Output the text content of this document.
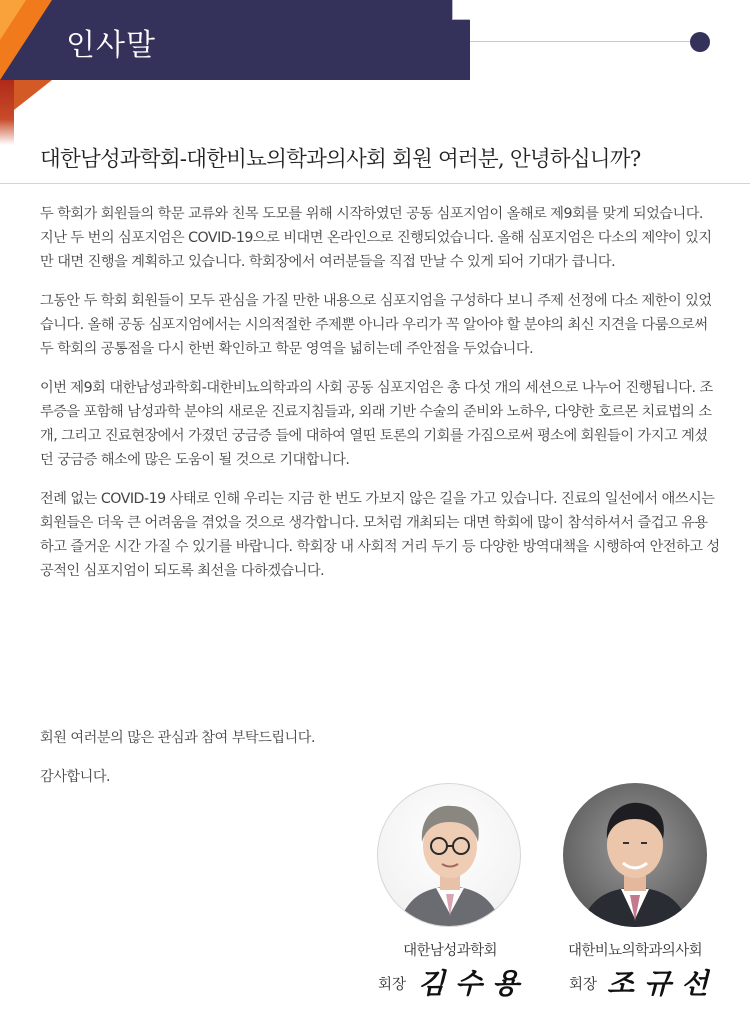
인사말
대한남성과학회-대한비뇨의학과의사회 회원 여러분, 안녕하십니까?

두 학회가 회원들의 학문 교류와 친목 도모를 위해 시작하였던 공동 심포지엄이 올해로 제9회를 맞게 되었습니다. 지난 두 번의 심포지엄은 COVID-19으로 비대면 온라인으로 진행되었습니다. 올해 심포지엄은 다소의 제약이 있지만 대면 진행을 계획하고 있습니다. 학회장에서 여러분들을 직접 만날 수 있게 되어 기대가 큽니다.

그동안 두 학회 회원들이 모두 관심을 가질 만한 내용으로 심포지엄을 구성하다 보니 주제 선정에 다소 제한이 있었습니다. 올해 공동 심포지엄에서는 시의적절한 주제뿐 아니라 우리가 꼭 알아야 할 분야의 최신 지견을 다룸으로써 두 학회의 공통점을 다시 한번 확인하고 학문 영역을 넓히는데 주안점을 두었습니다.

이번 제9회 대한남성과학회-대한비뇨의학과의 사회 공동 심포지엄은 총 다섯 개의 세션으로 나누어 진행됩니다. 조루증을 포함해 남성과학 분야의 새로운 진료지침들과, 외래 기반 수술의 준비와 노하우, 다양한 호르몬 치료법의 소개, 그리고 진료현장에서 가졌던 궁금증 들에 대하여 열띤 토론의 기회를 가짐으로써 평소에 회원들이 가지고 계셨던 궁금증 해소에 많은 도움이 될 것으로 기대합니다.

전례 없는 COVID-19 사태로 인해 우리는 지금 한 번도 가보지 않은 길을 가고 있습니다. 진료의 일선에서 애쓰시는 회원들은 더욱 큰 어려움을 겪었을 것으로 생각합니다. 모처럼 개최되는 대면 학회에 많이 참석하셔서 즐겁고 유용하고 즐거운 시간 가질 수 있기를 바랍니다. 학회장 내 사회적 거리 두기 등 다양한 방역대책을 시행하여 안전하고 성공적인 심포지엄이 되도록 최선을 다하겠습니다.

회원 여러분의 많은 관심과 참여 부탁드립니다.
감사합니다.
대한남성과학회	대한비뇨의학과의사회
회장	회장
김수용	조규선
